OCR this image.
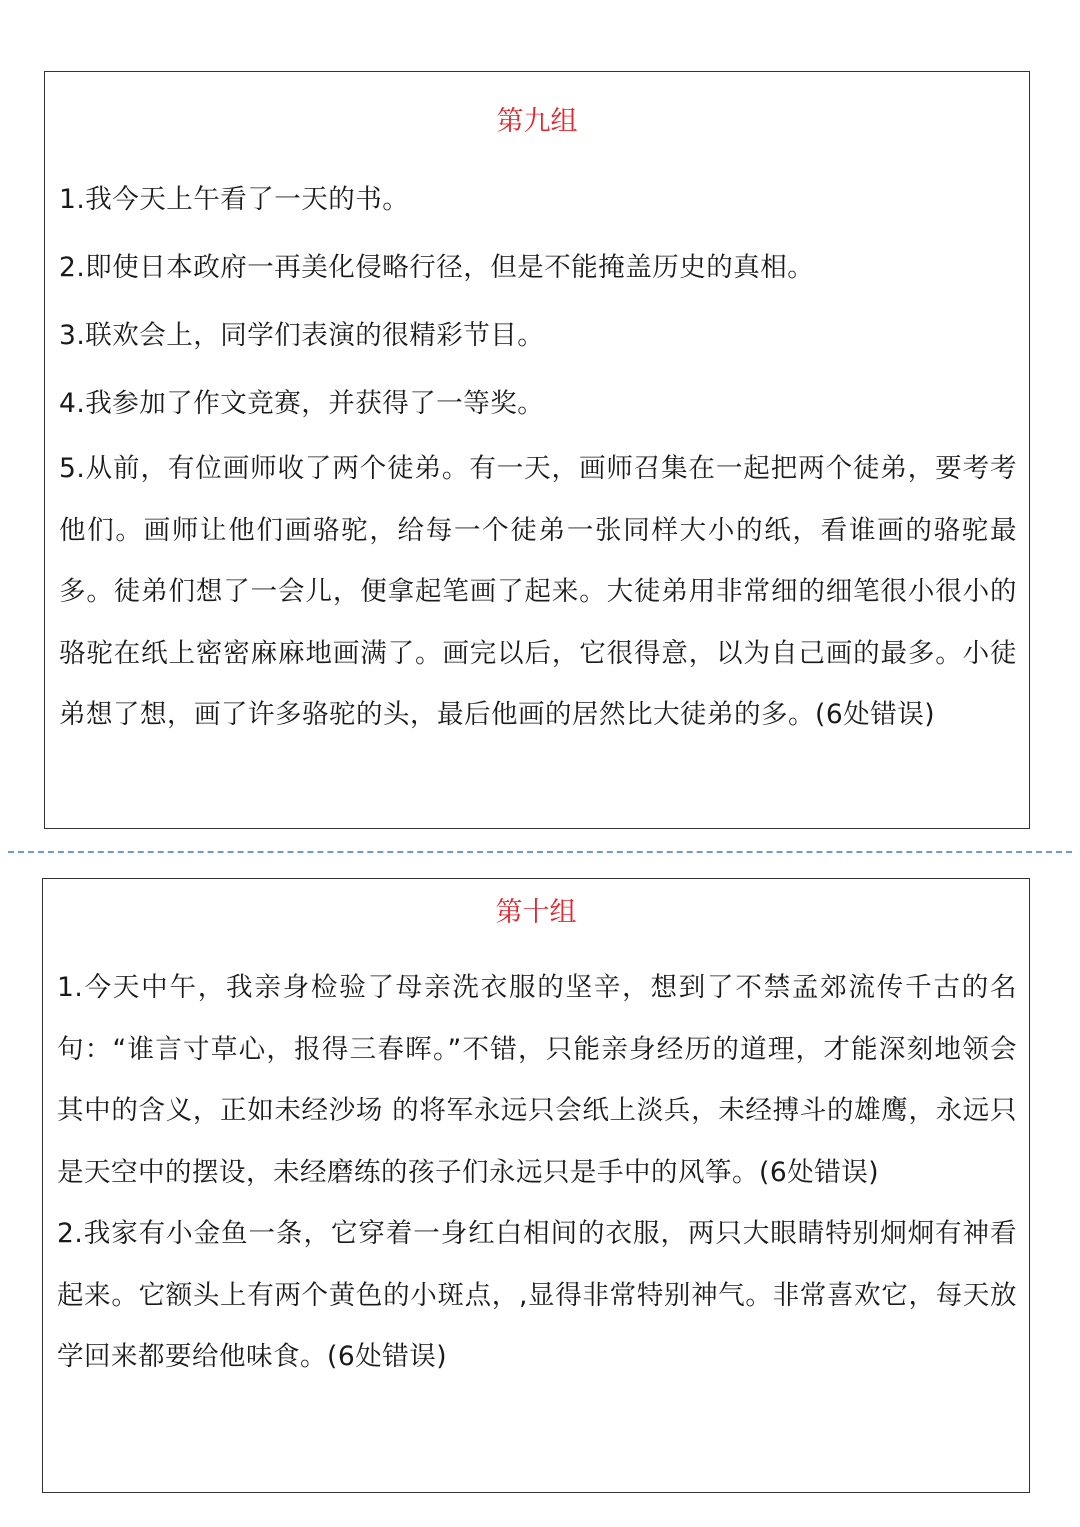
第九组

1.我今天上午看了一天的书。

2.即使日本政府一再美化侵略行径，但是不能掩盖历史的真相。

3.联欢会上，同学们表演的很精彩节目。

4.我参加了作文竞赛，并获得了一等奖。

5.从前，有位画师收了两个徒弟。有一天，画师召集在一起把两个徒弟，要考考他们。画师让他们画骆驼，给每一个徒弟一张同样大小的纸，看谁画的骆驼最多。徒弟们想了一会儿，便拿起笔画了起来。大徒弟用非常细的细笔很小很小的骆驼在纸上密密麻麻地画满了。画完以后，它很得意，以为自己画的最多。小徒弟想了想，画了许多骆驼的头，最后他画的居然比大徒弟的多。(6处错误)

第十组

1.今天中午，我亲身检验了母亲洗衣服的坚辛，想到了不禁孟郊流传千古的名句：“谁言寸草心，报得三春晖。”不错，只能亲身经历的道理，才能深刻地领会其中的含义，正如未经沙场 的将军永远只会纸上淡兵，未经搏斗的雄鹰，永远只是天空中的摆设，未经磨练的孩子们永远只是手中的风筝。(6处错误)

2.我家有小金鱼一条，它穿着一身红白相间的衣服，两只大眼睛特别炯炯有神看起来。它额头上有两个黄色的小斑点，,显得非常特别神气。非常喜欢它，每天放学回来都要给他味食。(6处错误)
